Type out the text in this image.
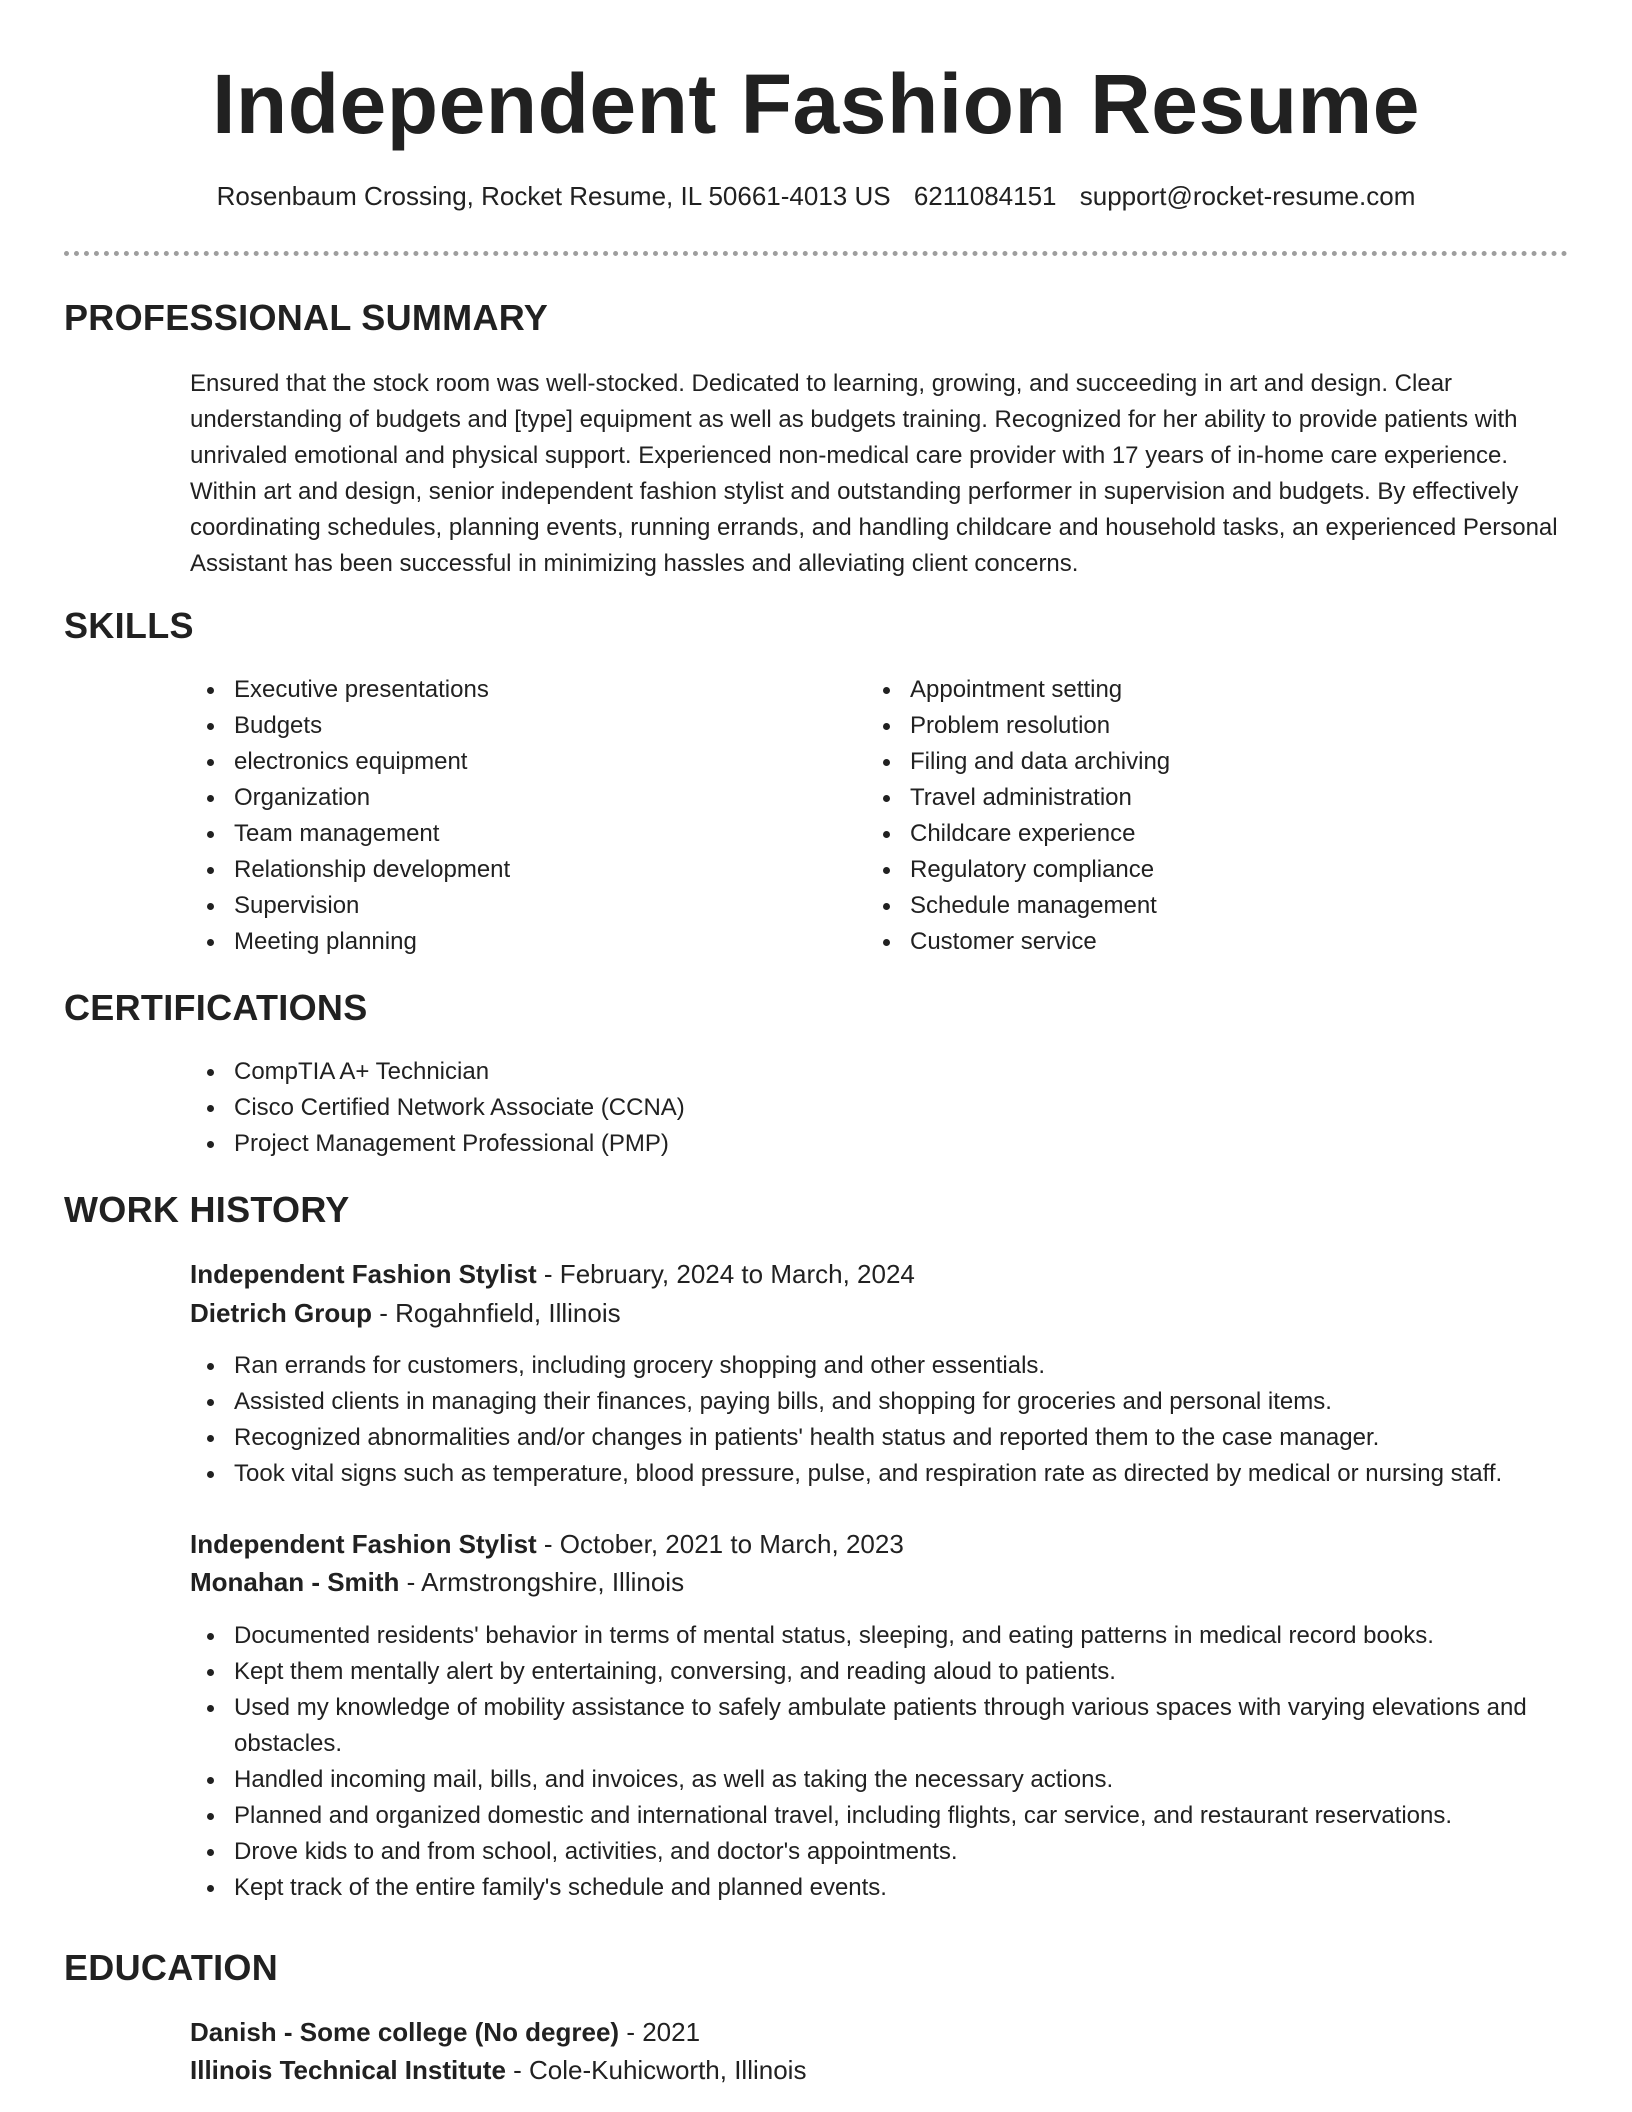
Independent Fashion Resume
Rosenbaum Crossing, Rocket Resume, IL 50661-4013 US 6211084151 support@rocket-resume.com
PROFESSIONAL SUMMARY
Ensured that the stock room was well-stocked. Dedicated to learning, growing, and succeeding in art and design. Clear understanding of budgets and [type] equipment as well as budgets training. Recognized for her ability to provide patients with unrivaled emotional and physical support. Experienced non-medical care provider with 17 years of in-home care experience. Within art and design, senior independent fashion stylist and outstanding performer in supervision and budgets. By effectively coordinating schedules, planning events, running errands, and handling childcare and household tasks, an experienced Personal Assistant has been successful in minimizing hassles and alleviating client concerns.
SKILLS
Executive presentations
Budgets
electronics equipment
Organization
Team management
Relationship development
Supervision
Meeting planning
Appointment setting
Problem resolution
Filing and data archiving
Travel administration
Childcare experience
Regulatory compliance
Schedule management
Customer service
CERTIFICATIONS
CompTIA A+ Technician
Cisco Certified Network Associate (CCNA)
Project Management Professional (PMP)
WORK HISTORY
Independent Fashion Stylist - February, 2024 to March, 2024
Dietrich Group - Rogahnfield, Illinois
Ran errands for customers, including grocery shopping and other essentials.
Assisted clients in managing their finances, paying bills, and shopping for groceries and personal items.
Recognized abnormalities and/or changes in patients' health status and reported them to the case manager.
Took vital signs such as temperature, blood pressure, pulse, and respiration rate as directed by medical or nursing staff.
Independent Fashion Stylist - October, 2021 to March, 2023
Monahan - Smith - Armstrongshire, Illinois
Documented residents' behavior in terms of mental status, sleeping, and eating patterns in medical record books.
Kept them mentally alert by entertaining, conversing, and reading aloud to patients.
Used my knowledge of mobility assistance to safely ambulate patients through various spaces with varying elevations and obstacles.
Handled incoming mail, bills, and invoices, as well as taking the necessary actions.
Planned and organized domestic and international travel, including flights, car service, and restaurant reservations.
Drove kids to and from school, activities, and doctor's appointments.
Kept track of the entire family's schedule and planned events.
EDUCATION
Danish - Some college (No degree) - 2021
Illinois Technical Institute - Cole-Kuhicworth, Illinois
